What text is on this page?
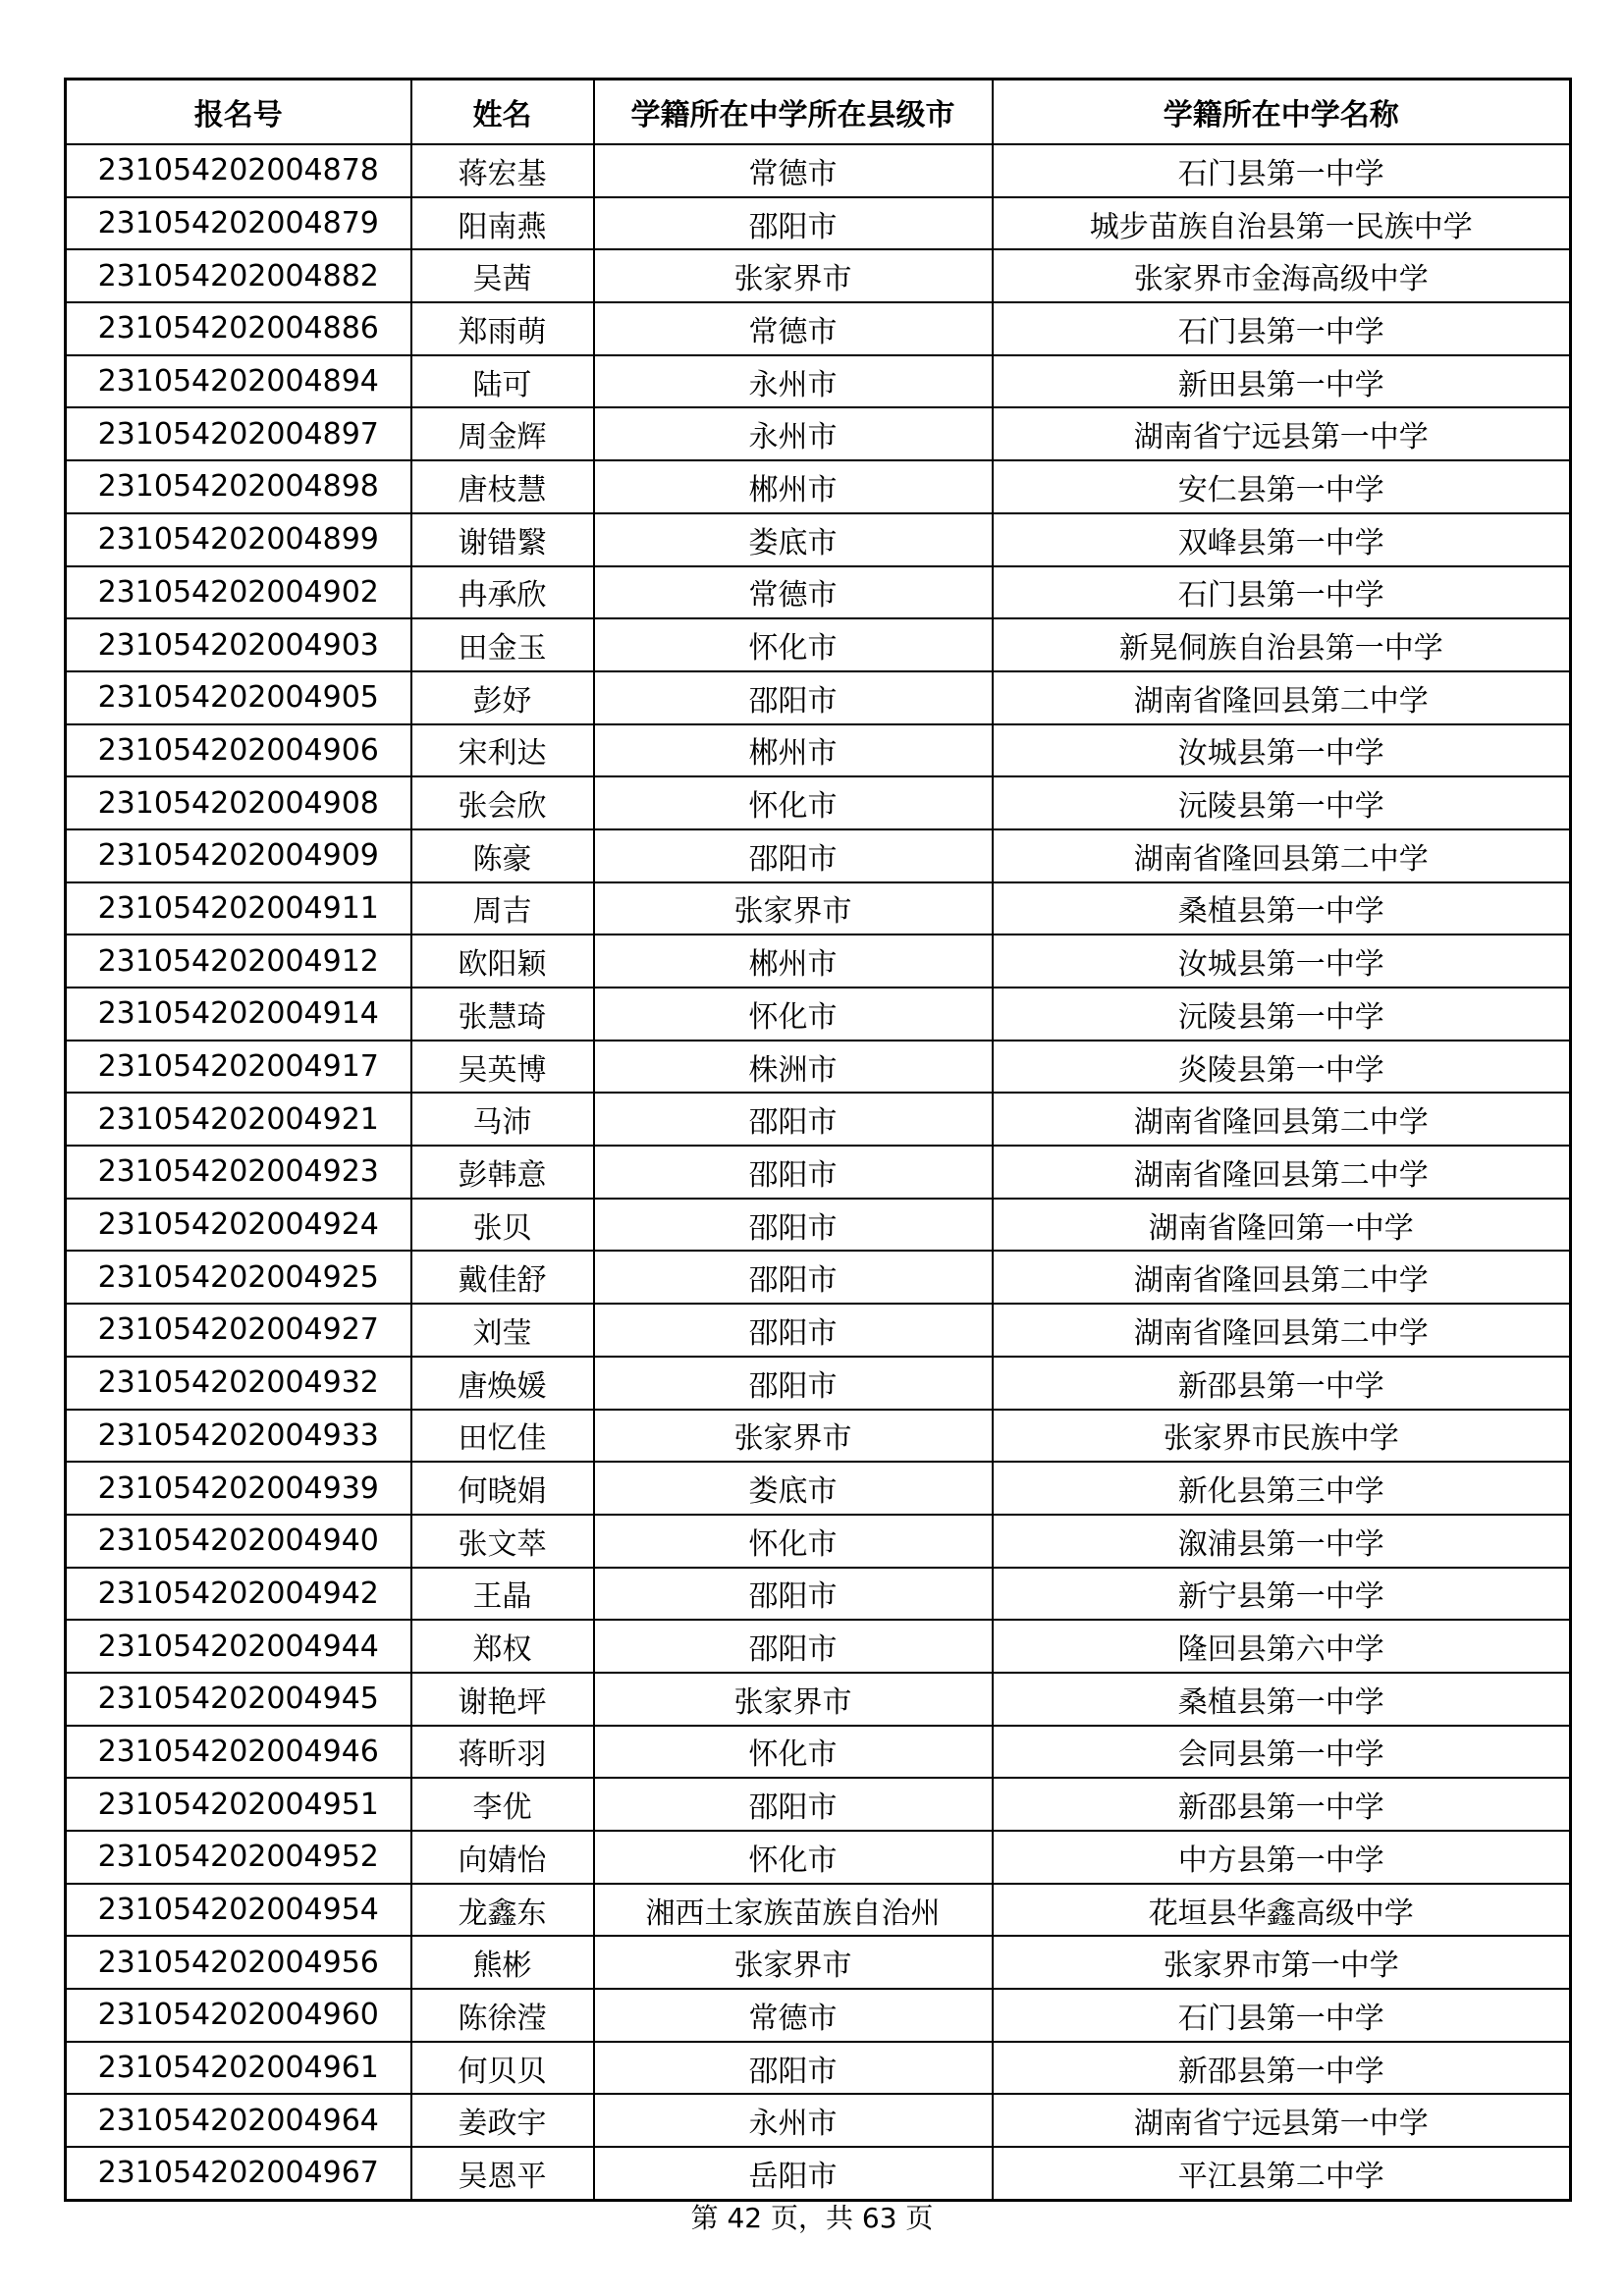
报名号	姓名	学籍所在中学所在县级市	学籍所在中学名称
231054202004878	蒋宏基	常德市	石门县第一中学
231054202004879	阳南燕	邵阳市	城步苗族自治县第一民族中学
231054202004882	吴茜	张家界市	张家界市金海高级中学
231054202004886	郑雨萌	常德市	石门县第一中学
231054202004894	陆可	永州市	新田县第一中学
231054202004897	周金辉	永州市	湖南省宁远县第一中学
231054202004898	唐枝慧	郴州市	安仁县第一中学
231054202004899	谢错繄	娄底市	双峰县第一中学
231054202004902	冉承欣	常德市	石门县第一中学
231054202004903	田金玉	怀化市	新晃侗族自治县第一中学
231054202004905	彭妤	邵阳市	湖南省隆回县第二中学
231054202004906	宋利达	郴州市	汝城县第一中学
231054202004908	张会欣	怀化市	沅陵县第一中学
231054202004909	陈豪	邵阳市	湖南省隆回县第二中学
231054202004911	周吉	张家界市	桑植县第一中学
231054202004912	欧阳颖	郴州市	汝城县第一中学
231054202004914	张慧琦	怀化市	沅陵县第一中学
231054202004917	吴英博	株洲市	炎陵县第一中学
231054202004921	马沛	邵阳市	湖南省隆回县第二中学
231054202004923	彭韩意	邵阳市	湖南省隆回县第二中学
231054202004924	张贝	邵阳市	湖南省隆回第一中学
231054202004925	戴佳舒	邵阳市	湖南省隆回县第二中学
231054202004927	刘莹	邵阳市	湖南省隆回县第二中学
231054202004932	唐焕媛	邵阳市	新邵县第一中学
231054202004933	田忆佳	张家界市	张家界市民族中学
231054202004939	何晓娟	娄底市	新化县第三中学
231054202004940	张文萃	怀化市	溆浦县第一中学
231054202004942	王晶	邵阳市	新宁县第一中学
231054202004944	郑权	邵阳市	隆回县第六中学
231054202004945	谢艳坪	张家界市	桑植县第一中学
231054202004946	蒋昕羽	怀化市	会同县第一中学
231054202004951	李优	邵阳市	新邵县第一中学
231054202004952	向婧怡	怀化市	中方县第一中学
231054202004954	龙鑫东	湘西土家族苗族自治州	花垣县华鑫高级中学
231054202004956	熊彬	张家界市	张家界市第一中学
231054202004960	陈徐滢	常德市	石门县第一中学
231054202004961	何贝贝	邵阳市	新邵县第一中学
231054202004964	姜政宇	永州市	湖南省宁远县第一中学
231054202004967	吴恩平	岳阳市	平江县第二中学
第 42 页，共 63 页
